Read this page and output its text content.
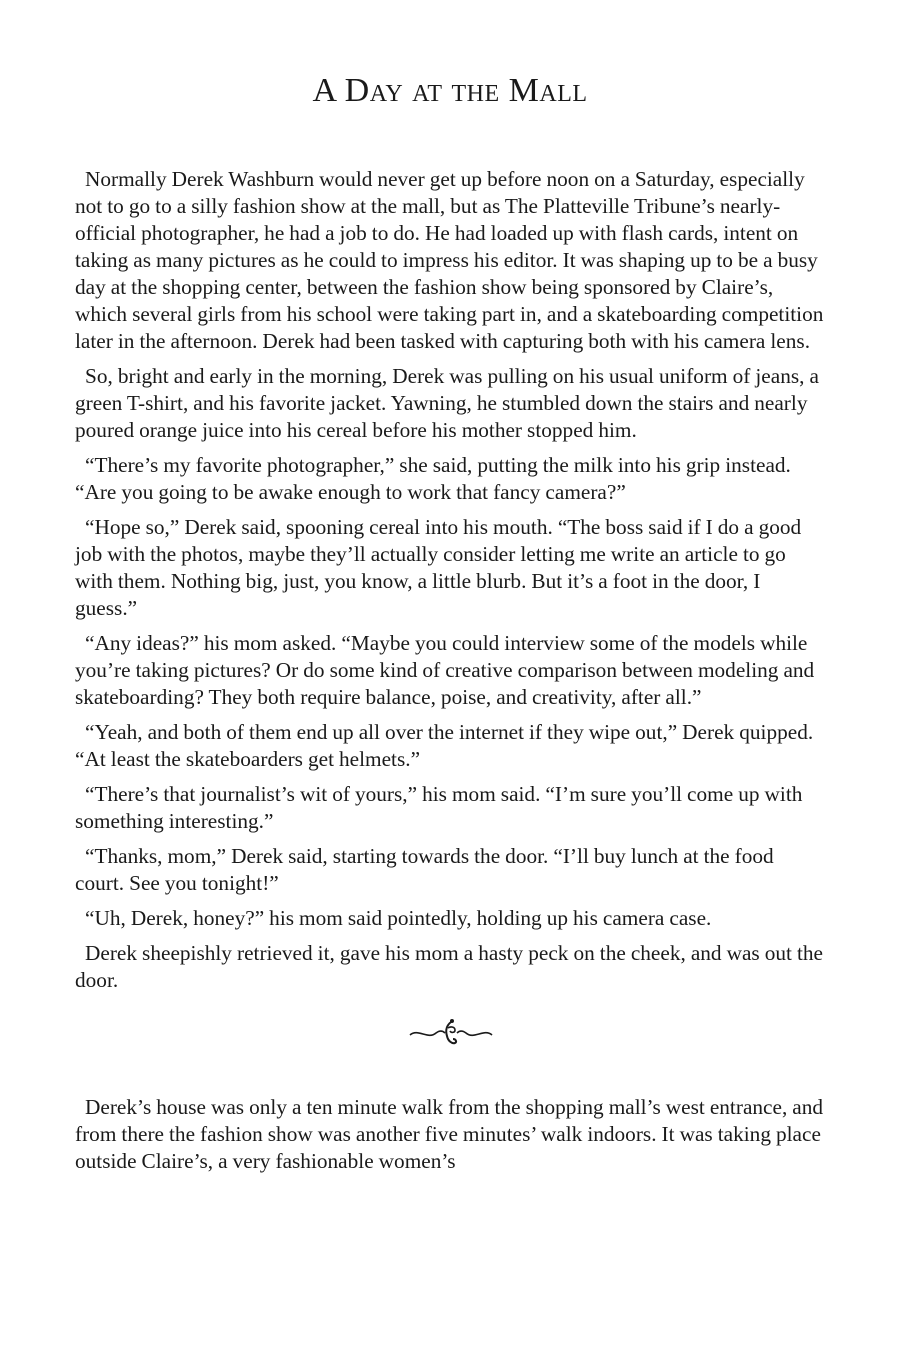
A Day at the Mall

Normally Derek Washburn would never get up before noon on a Saturday, especially not to go to a silly fashion show at the mall, but as The Platteville Tribune’s nearly-official photographer, he had a job to do. He had loaded up with flash cards, intent on taking as many pictures as he could to impress his editor. It was shaping up to be a busy day at the shopping center, between the fashion show being sponsored by Claire’s, which several girls from his school were taking part in, and a skateboarding competition later in the afternoon. Derek had been tasked with capturing both with his camera lens.

So, bright and early in the morning, Derek was pulling on his usual uniform of jeans, a green T-shirt, and his favorite jacket. Yawning, he stumbled down the stairs and nearly poured orange juice into his cereal before his mother stopped him.

“There’s my favorite photographer,” she said, putting the milk into his grip instead. “Are you going to be awake enough to work that fancy camera?”

“Hope so,” Derek said, spooning cereal into his mouth. “The boss said if I do a good job with the photos, maybe they’ll actually consider letting me write an article to go with them. Nothing big, just, you know, a little blurb. But it’s a foot in the door, I guess.”

“Any ideas?” his mom asked. “Maybe you could interview some of the models while you’re taking pictures? Or do some kind of creative comparison between modeling and skateboarding? They both require balance, poise, and creativity, after all.”

“Yeah, and both of them end up all over the internet if they wipe out,” Derek quipped. “At least the skateboarders get helmets.”

“There’s that journalist’s wit of yours,” his mom said. “I’m sure you’ll come up with something interesting.”

“Thanks, mom,” Derek said, starting towards the door. “I’ll buy lunch at the food court. See you tonight!”

“Uh, Derek, honey?” his mom said pointedly, holding up his camera case.

Derek sheepishly retrieved it, gave his mom a hasty peck on the cheek, and was out the door.

Derek’s house was only a ten minute walk from the shopping mall’s west entrance, and from there the fashion show was another five minutes’ walk indoors. It was taking place outside Claire’s, a very fashionable women’s
